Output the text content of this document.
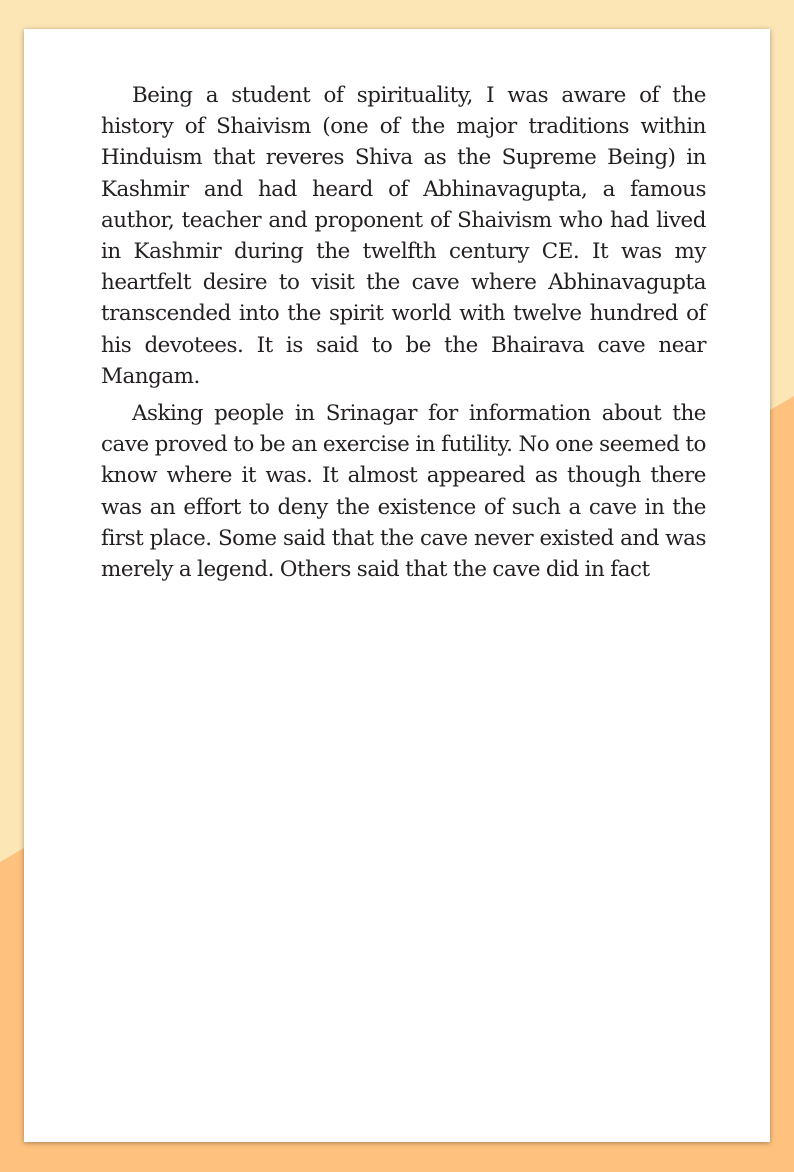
Being a student of spirituality, I was aware of the history of Shaivism (one of the major traditions within Hinduism that reveres Shiva as the Supreme Being) in Kashmir and had heard of Abhinavagupta, a famous author, teacher and proponent of Shaivism who had lived in Kashmir during the twelfth century CE. It was my heartfelt desire to visit the cave where Abhinavagupta transcended into the spirit world with twelve hundred of his devotees. It is said to be the Bhairava cave near Mangam.

Asking people in Srinagar for information about the cave proved to be an exercise in futility. No one seemed to know where it was. It almost appeared as though there was an effort to deny the existence of such a cave in the first place. Some said that the cave never existed and was merely a legend. Others said that the cave did in fact
